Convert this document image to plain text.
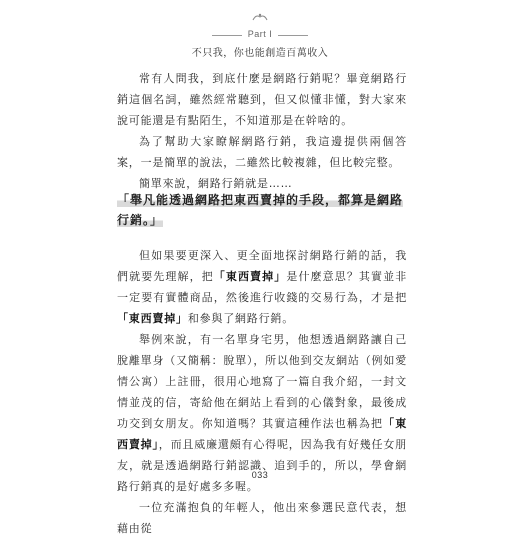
Part I
不只我，你也能創造百萬收入

常有人問我，到底什麼是網路行銷呢？畢竟網路行銷這個名詞，雖然經常聽到，但又似懂非懂，對大家來說可能還是有點陌生，不知道那是在幹啥的。

為了幫助大家瞭解網路行銷，我這邊提供兩個答案，一是簡單的說法，二雖然比較複雜，但比較完整。

簡單來說，網路行銷就是……

「舉凡能透過網路把東西賣掉的手段，都算是網路行銷。」

但如果要更深入、更全面地探討網路行銷的話，我們就要先理解，把「東西賣掉」是什麼意思？其實並非一定要有實體商品，然後進行收錢的交易行為，才是把「東西賣掉」和參與了網路行銷。

舉例來說，有一名單身宅男，他想透過網路讓自己脫離單身（又簡稱：脫單），所以他到交友網站（例如愛情公寓）上註冊，很用心地寫了一篇自我介紹，一封文情並茂的信，寄給他在網站上看到的心儀對象，最後成功交到女朋友。你知道嗎？其實這種作法也稱為把「東西賣掉」，而且威廉還頗有心得呢，因為我有好幾任女朋友，就是透過網路行銷認識、追到手的，所以，學會網路行銷真的是好處多多喔。

一位充滿抱負的年輕人，他出來參選民意代表，想藉由從

033
